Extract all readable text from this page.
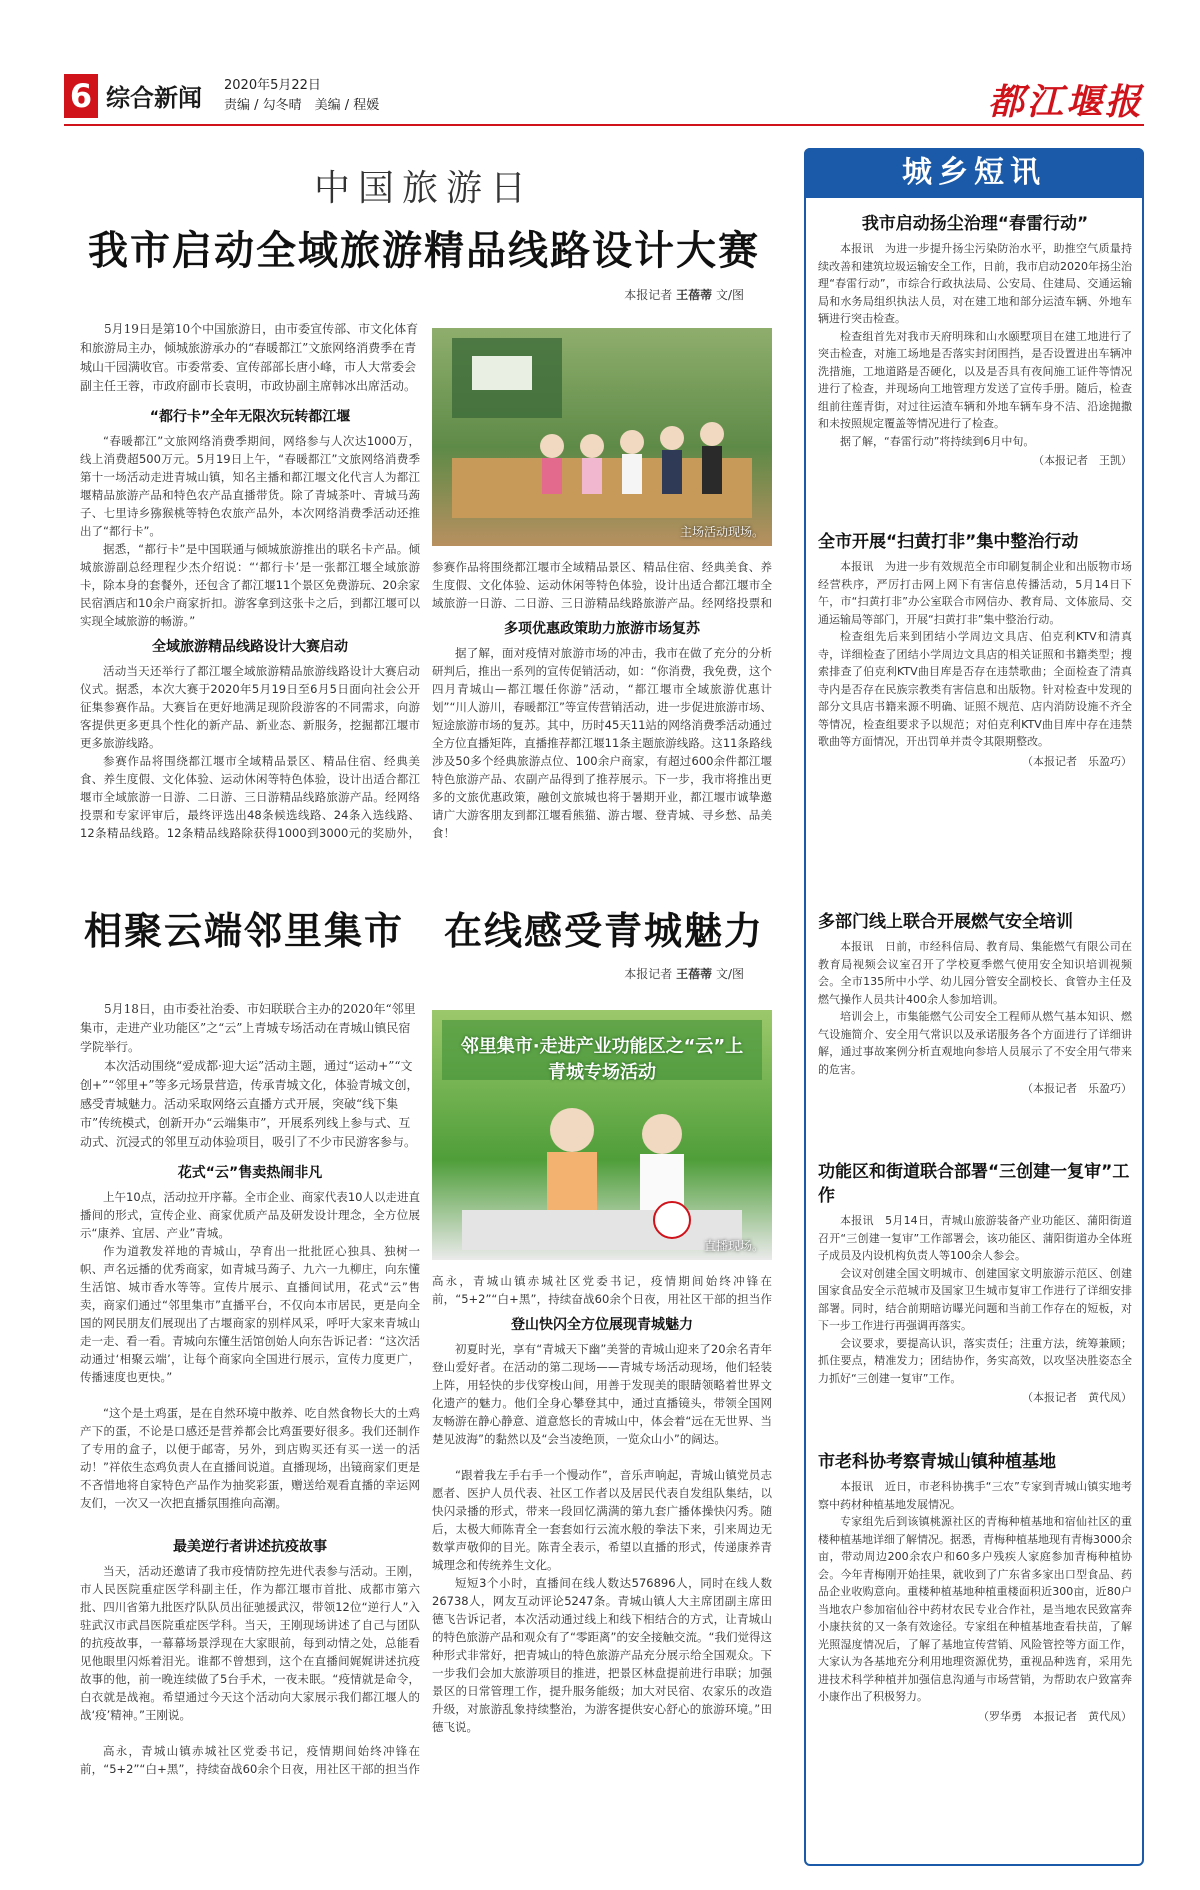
6 综合新闻 2020年5月22日
责编 / 勾冬晴　美编 / 程媛	都江堰报
中国旅游日
我市启动全域旅游精品线路设计大赛
本报记者 王蓓蒂 文/图

5月19日是第10个中国旅游日，由市委宣传部、市文化体育和旅游局主办，倾城旅游承办的“春暖都江”文旅网络消费季在青城山干园满收官。市委常委、宣传部部长唐小峰，市人大常委会副主任王蓉，市政府副市长袁明，市政协副主席韩冰出席活动。

“都行卡”全年无限次玩转都江堰

“春暖都江”文旅网络消费季期间，网络参与人次达1000万，线上消费超500万元。5月19日上午，“春暖都江”文旅网络消费季第十一场活动走进青城山镇，知名主播和都江堰文化代言人为都江堰精品旅游产品和特色农产品直播带货。除了青城茶叶、青城马蒟子、七里诗乡猕猴桃等特色农旅产品外，本次网络消费季活动还推出了“都行卡”。

据悉，“都行卡”是中国联通与倾城旅游推出的联名卡产品。倾城旅游副总经理程少杰介绍说：“‘都行卡’是一张都江堰全域旅游卡，除本身的套餐外，还包含了都江堰11个景区免费游玩、20余家民宿酒店和10余户商家折扣。游客拿到这张卡之后，到都江堰可以实现全域旅游的畅游。”

全域旅游精品线路设计大赛启动

活动当天还举行了都江堰全域旅游精品旅游线路设计大赛启动仪式。据悉，本次大赛于2020年5月19日至6月5日面向社会公开征集参赛作品。大赛旨在更好地满足现阶段游客的不同需求，向游客提供更多更具个性化的新产品、新业态、新服务，挖掘都江堰市更多旅游线路。

参赛作品将围绕都江堰市全域精品景区、精品住宿、经典美食、养生度假、文化体验、运动休闲等特色体验，设计出适合都江堰市全域旅游一日游、二日游、三日游精品线路旅游产品。经网络投票和专家评审后，最终评选出48条候选线路、24条入选线路、12条精品线路。12条精品线路除获得1000到3000元的奖励外，

主场活动现场。

参赛作品将围绕都江堰市全域精品景区、精品住宿、经典美食、养生度假、文化体验、运动休闲等特色体验，设计出适合都江堰市全域旅游一日游、二日游、三日游精品线路旅游产品。经网络投票和

多项优惠政策助力旅游市场复苏

据了解，面对疫情对旅游市场的冲击，我市在做了充分的分析研判后，推出一系列的宣传促销活动，如：“你消费，我免费，这个四月青城山—都江堰任你游”活动，“都江堰市全域旅游优惠计划”“川人游川，春暖都江”等宣传营销活动，进一步促进旅游市场、短途旅游市场的复苏。其中，历时45天11站的网络消费季活动通过全方位直播矩阵，直播推荐都江堰11条主题旅游线路。这11条路线涉及50多个经典旅游点位、100余户商家，有超过600余件都江堰特色旅游产品、农副产品得到了推荐展示。下一步，我市将推出更多的文旅优惠政策，融创文旅城也将于暑期开业，都江堰市诚挚邀请广大游客朋友到都江堰看熊猫、游古堰、登青城、寻乡愁、品美食！

相聚云端邻里集市　在线感受青城魅力
本报记者 王蓓蒂 文/图

5月18日，由市委社治委、市妇联联合主办的2020年“邻里集市，走进产业功能区”之“云”上青城专场活动在青城山镇民宿学院举行。

本次活动围绕“爱成都·迎大运”活动主题，通过“运动+”“文创+”“邻里+”等多元场景营造，传承青城文化，体验青城文创，感受青城魅力。活动采取网络云直播方式开展，突破“线下集市”传统模式，创新开办“云端集市”，开展系列线上参与式、互动式、沉浸式的邻里互动体验项目，吸引了不少市民游客参与。

花式“云”售卖热闹非凡

上午10点，活动拉开序幕。全市企业、商家代表10人以走进直播间的形式，宣传企业、商家优质产品及研发设计理念，全方位展示“康养、宜居、产业”青城。

作为道教发祥地的青城山，孕育出一批批匠心独具、独树一帜、声名远播的优秀商家，如青城马蒟子、九六一九柳庄，向东懂生活馆、城市香水等等。宣传片展示、直播间试用，花式“云”售卖，商家们通过“邻里集市”直播平台，不仅向本市居民，更是向全国的网民朋友们展现出了古堰商家的别样风采，呼吁大家来青城山走一走、看一看。青城向东懂生活馆创始人向东告诉记者：“这次活动通过‘相聚云端’，让每个商家向全国进行展示，宣传力度更广，传播速度也更快。”

“这个是土鸡蛋，是在自然环境中散养、吃自然食物长大的土鸡产下的蛋，不论是口感还是营养都会比鸡蛋要好很多。我们还制作了专用的盒子，以便于邮寄，另外，到店购买还有买一送一的活动！”祥依生态鸡负责人在直播间说道。直播现场，出镜商家们更是不吝惜地将自家特色产品作为抽奖彩蛋，赠送给观看直播的幸运网友们，一次又一次把直播氛围推向高潮。

最美逆行者讲述抗疫故事

当天，活动还邀请了我市疫情防控先进代表参与活动。王刚，市人民医院重症医学科副主任，作为都江堰市首批、成都市第六批、四川省第九批医疗队队员出征驰援武汉，带领12位“逆行人”入驻武汉市武昌医院重症医学科。当天，王刚现场讲述了自己与团队的抗疫故事，一幕幕场景浮现在大家眼前，每到动情之处，总能看见他眼里闪烁着泪光。谁都不曾想到，这个在直播间娓娓讲述抗疫故事的他，前一晚连续做了5台手术，一夜未眠。“疫情就是命令，白衣就是战袍。希望通过今天这个活动向大家展示我们都江堰人的战‘疫’精神。”王刚说。

高永，青城山镇赤城社区党委书记，疫情期间始终冲锋在前，“5+2”“白+黑”，持续奋战60余个日夜，用社区干部的担当作

邻里集市·走进产业功能区之“云”上青城专场活动
直播现场。

高永，青城山镇赤城社区党委书记，疫情期间始终冲锋在前，“5+2”“白+黑”，持续奋战60余个日夜，用社区干部的担当作

登山快闪全方位展现青城魅力

初夏时光，享有“青城天下幽”美誉的青城山迎来了20余名青年登山爱好者。在活动的第二现场——青城专场活动现场，他们轻装上阵，用轻快的步伐穿梭山间，用善于发现美的眼睛领略着世界文化遗产的魅力。他们全身心攀登其中，通过直播镜头，带领全国网友畅游在静心静意、道意悠长的青城山中，体会着“远在无世界、当楚见波海”的黏然以及“会当凌绝顶，一览众山小”的阔达。

“跟着我左手右手一个慢动作”，音乐声响起，青城山镇党员志愿者、医护人员代表、社区工作者以及居民代表自发组队集结，以快闪录播的形式，带来一段回忆满满的第九套广播体操快闪秀。随后，太极大师陈青全一套套如行云流水般的拳法下来，引来周边无数掌声敬仰的目光。陈青全表示，希望以直播的形式，传递康养青城理念和传统养生文化。

短短3个小时，直播间在线人数达576896人，同时在线人数26738人，网友互动评论5247条。青城山镇人大主席团副主席田德飞告诉记者，本次活动通过线上和线下相结合的方式，让青城山的特色旅游产品和观众有了“零距离”的安全接触交流。“我们觉得这种形式非常好，把青城山的特色旅游产品充分展示给全国观众。下一步我们会加大旅游项目的推进，把景区林盘提前进行串联；加强景区的日常管理工作，提升服务能级；加大对民宿、农家乐的改造升级，对旅游乱象持续整治，为游客提供安心舒心的旅游环境。”田德飞说。

城乡短讯
我市启动扬尘治理“春雷行动”

本报讯　为进一步提升扬尘污染防治水平，助推空气质量持续改善和建筑垃圾运输安全工作，日前，我市启动2020年扬尘治理“春雷行动”，市综合行政执法局、公安局、住建局、交通运输局和水务局组织执法人员，对在建工地和部分运渣车辆、外地车辆进行突击检查。

检查组首先对我市天府明珠和山水颐墅项目在建工地进行了突击检查，对施工场地是否落实封闭围挡，是否设置进出车辆冲洗措施，工地道路是否硬化，以及是否具有夜间施工证件等情况进行了检查，并现场向工地管理方发送了宣传手册。随后，检查组前往莲青街，对过往运渣车辆和外地车辆车身不洁、沿途抛撒和未按照规定覆盖等情况进行了检查。

据了解，“春雷行动”将持续到6月中旬。

（本报记者　王凯）
全市开展“扫黄打非”集中整治行动

本报讯　为进一步有效规范全市印刷复制企业和出版物市场经营秩序，严厉打击网上网下有害信息传播活动，5月14日下午，市“扫黄打非”办公室联合市网信办、教育局、文体旅局、交通运输局等部门，开展“扫黄打非”集中整治行动。

检查组先后来到团结小学周边文具店、伯克利KTV和清真寺，详细检查了团结小学周边文具店的相关证照和书籍类型；搜索排查了伯克利KTV曲目库是否存在违禁歌曲；全面检查了清真寺内是否存在民族宗教类有害信息和出版物。针对检查中发现的部分文具店书籍来源不明确、证照不规范、店内消防设施不齐全等情况，检查组要求予以规范；对伯克利KTV曲目库中存在违禁歌曲等方面情况，开出罚单并责令其限期整改。

（本报记者　乐盈巧）
多部门线上联合开展燃气安全培训

本报讯　日前，市经科信局、教育局、集能燃气有限公司在教育局视频会议室召开了学校夏季燃气使用安全知识培训视频会。全市135所中小学、幼儿园分管安全副校长、食管办主任及燃气操作人员共计400余人参加培训。

培训会上，市集能燃气公司安全工程师从燃气基本知识、燃气设施简介、安全用气常识以及承诺服务各个方面进行了详细讲解，通过事故案例分析直观地向参培人员展示了不安全用气带来的危害。

（本报记者　乐盈巧）
功能区和街道联合部署“三创建一复审”工作

本报讯　5月14日，青城山旅游装备产业功能区、蒲阳街道召开“三创建一复审”工作部署会，该功能区、蒲阳街道办全体班子成员及内设机构负责人等100余人参会。

会议对创建全国文明城市、创建国家文明旅游示范区、创建国家食品安全示范城市及国家卫生城市复审工作进行了详细安排部署。同时，结合前期暗访曝光问题和当前工作存在的短板，对下一步工作进行再强调再落实。

会议要求，要提高认识，落实责任；注重方法，统筹兼顾；抓住要点，精准发力；团结协作，务实高效，以攻坚决胜姿态全力抓好“三创建一复审”工作。

（本报记者　黄代凤）
市老科协考察青城山镇种植基地

本报讯　近日，市老科协携手“三农”专家到青城山镇实地考察中药材种植基地发展情况。

专家组先后到该镇桃源社区的青梅种植基地和宿仙社区的重楼种植基地详细了解情况。据悉，青梅种植基地现有青梅3000余亩，带动周边200余农户和60多户残疾人家庭参加青梅种植协会。今年青梅刚开始挂果，就收到了广东省多家出口型食品、药品企业收购意向。重楼种植基地种植重楼面积近300亩，近80户当地农户参加宿仙谷中药材农民专业合作社，是当地农民致富奔小康扶贫的又一条有效途径。专家组在种植基地查看扶苗，了解光照湿度情况后，了解了基地宣传营销、风险管控等方面工作，大家认为各基地充分利用地理资源优势，重视品种选育，采用先进技术科学种植并加强信息沟通与市场营销，为帮助农户致富奔小康作出了积极努力。

（罗华勇　本报记者　黄代凤）
